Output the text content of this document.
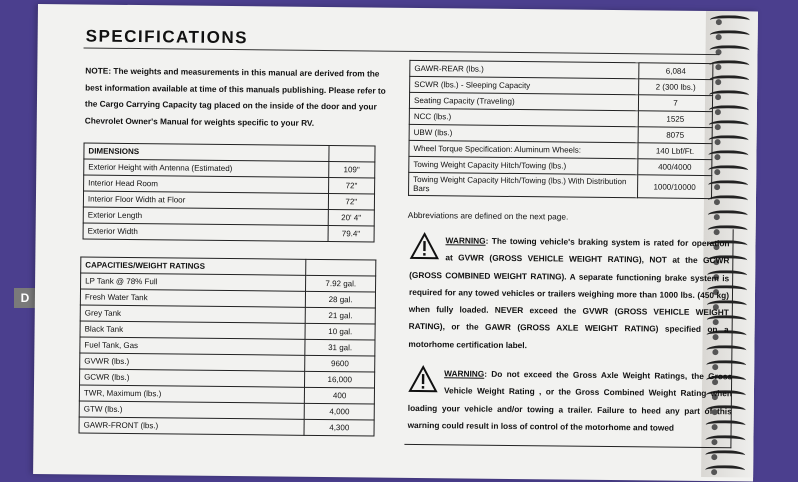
D
SPECIFICATIONS
NOTE: The weights and measurements in this manual are derived from the best information available at time of this manuals publishing. Please refer to the Cargo Carrying Capacity tag placed on the inside of the door and your Chevrolet Owner's Manual for weights specific to your RV.
DIMENSIONS	
Exterior Height with Antenna (Estimated)	109"
Interior Head Room	72"
Interior Floor Width at Floor	72"
Exterior Length	20' 4"
Exterior Width	79.4"
CAPACITIES/WEIGHT RATINGS	
LP Tank @ 78% Full	7.92 gal.
Fresh Water Tank	28 gal.
Grey Tank	21 gal.
Black Tank	10 gal.
Fuel Tank, Gas	31 gal.
GVWR (lbs.)	9600
GCWR (lbs.)	16,000
TWR, Maximum (lbs.)	400
GTW (lbs.)	4,000
GAWR-FRONT (lbs.)	4,300
GAWR-REAR (lbs.)	6,084
SCWR (lbs.) - Sleeping Capacity	2 (300 lbs.)
Seating Capacity (Traveling)	7
NCC (lbs.)	1525
UBW (lbs.)	8075
Wheel Torque Specification: Aluminum Wheels:	140 Lbf/Ft.
Towing Weight Capacity Hitch/Towing (lbs.)	400/4000
Towing Weight Capacity Hitch/Towing (lbs.) With Distribution Bars	1000/10000
Abbreviations are defined on the next page.
WARNING: The towing vehicle's braking system is rated for operation at GVWR (GROSS VEHICLE WEIGHT RATING), NOT at the GCWR (GROSS COMBINED WEIGHT RATING). A separate functioning brake system is required for any towed vehicles or trailers weighing more than 1000 lbs. (450 kg) when fully loaded. NEVER exceed the GVWR (GROSS VEHICLE WEIGHT RATING), or the GAWR (GROSS AXLE WEIGHT RATING) specified on a motorhome certification label.
WARNING: Do not exceed the Gross Axle Weight Ratings, the Gross Vehicle Weight Rating , or the Gross Combined Weight Rating when loading your vehicle and/or towing a trailer. Failure to heed any part of this warning could result in loss of control of the motorhome and towed
